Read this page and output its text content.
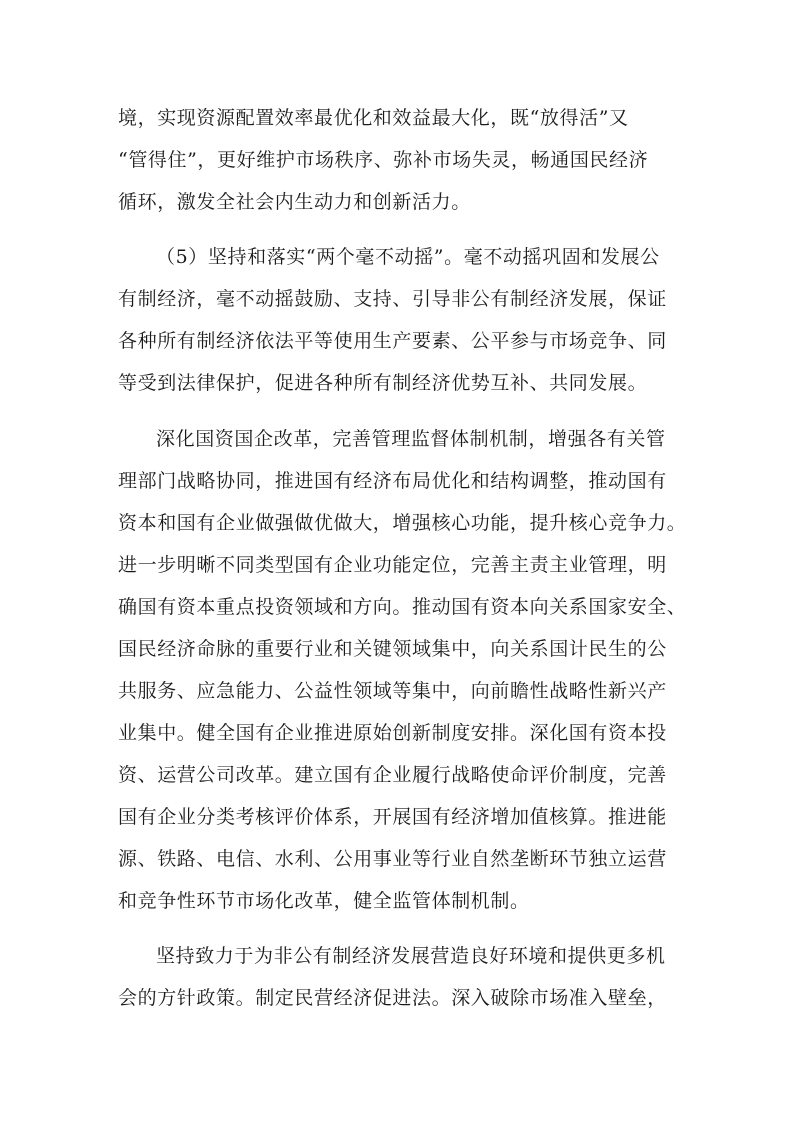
境，实现资源配置效率最优化和效益最大化，既“放得活”又
“管得住”，更好维护市场秩序、弥补市场失灵，畅通国民经济
循环，激发全社会内生动力和创新活力。
（5）坚持和落实“两个毫不动摇”。毫不动摇巩固和发展公
有制经济，毫不动摇鼓励、支持、引导非公有制经济发展，保证
各种所有制经济依法平等使用生产要素、公平参与市场竞争、同
等受到法律保护，促进各种所有制经济优势互补、共同发展。
深化国资国企改革，完善管理监督体制机制，增强各有关管
理部门战略协同，推进国有经济布局优化和结构调整，推动国有
资本和国有企业做强做优做大，增强核心功能，提升核心竞争力。
进一步明晰不同类型国有企业功能定位，完善主责主业管理，明
确国有资本重点投资领域和方向。推动国有资本向关系国家安全、
国民经济命脉的重要行业和关键领域集中，向关系国计民生的公
共服务、应急能力、公益性领域等集中，向前瞻性战略性新兴产
业集中。健全国有企业推进原始创新制度安排。深化国有资本投
资、运营公司改革。建立国有企业履行战略使命评价制度，完善
国有企业分类考核评价体系，开展国有经济增加值核算。推进能
源、铁路、电信、水利、公用事业等行业自然垄断环节独立运营
和竞争性环节市场化改革，健全监管体制机制。
坚持致力于为非公有制经济发展营造良好环境和提供更多机
会的方针政策。制定民营经济促进法。深入破除市场准入壁垒，
